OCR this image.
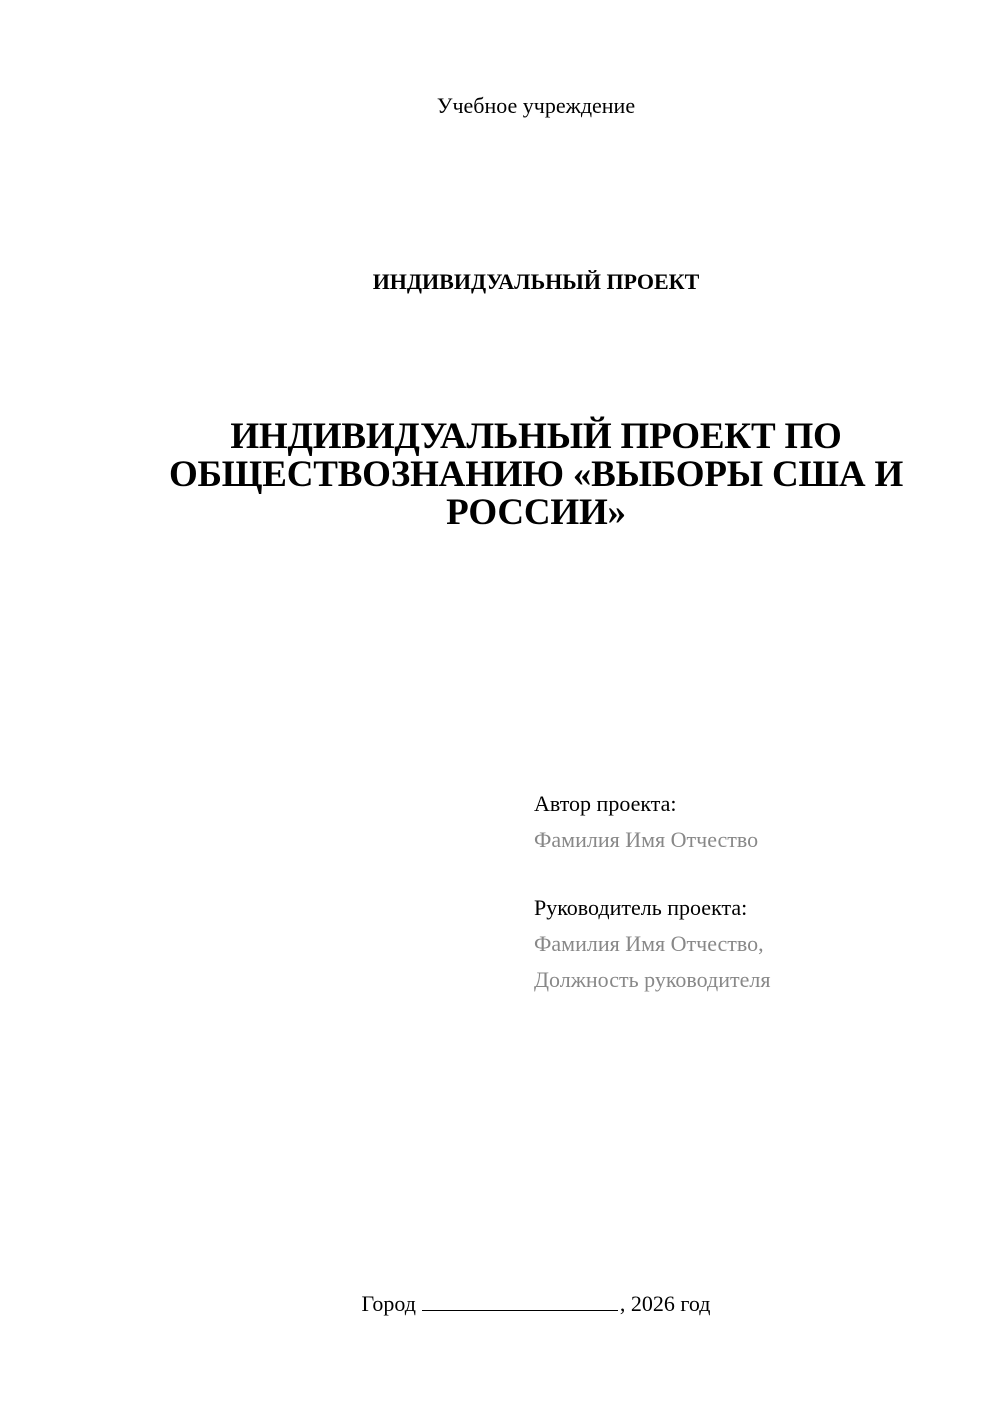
Учебное учреждение
ИНДИВИДУАЛЬНЫЙ ПРОЕКТ
ИНДИВИДУАЛЬНЫЙ ПРОЕКТ ПО
ОБЩЕСТВОЗНАНИЮ «ВЫБОРЫ США И
РОССИИ»
Автор проекта:
Фамилия Имя Отчество
Руководитель проекта:
Фамилия Имя Отчество,
Должность руководителя
Город	, 2026 год
